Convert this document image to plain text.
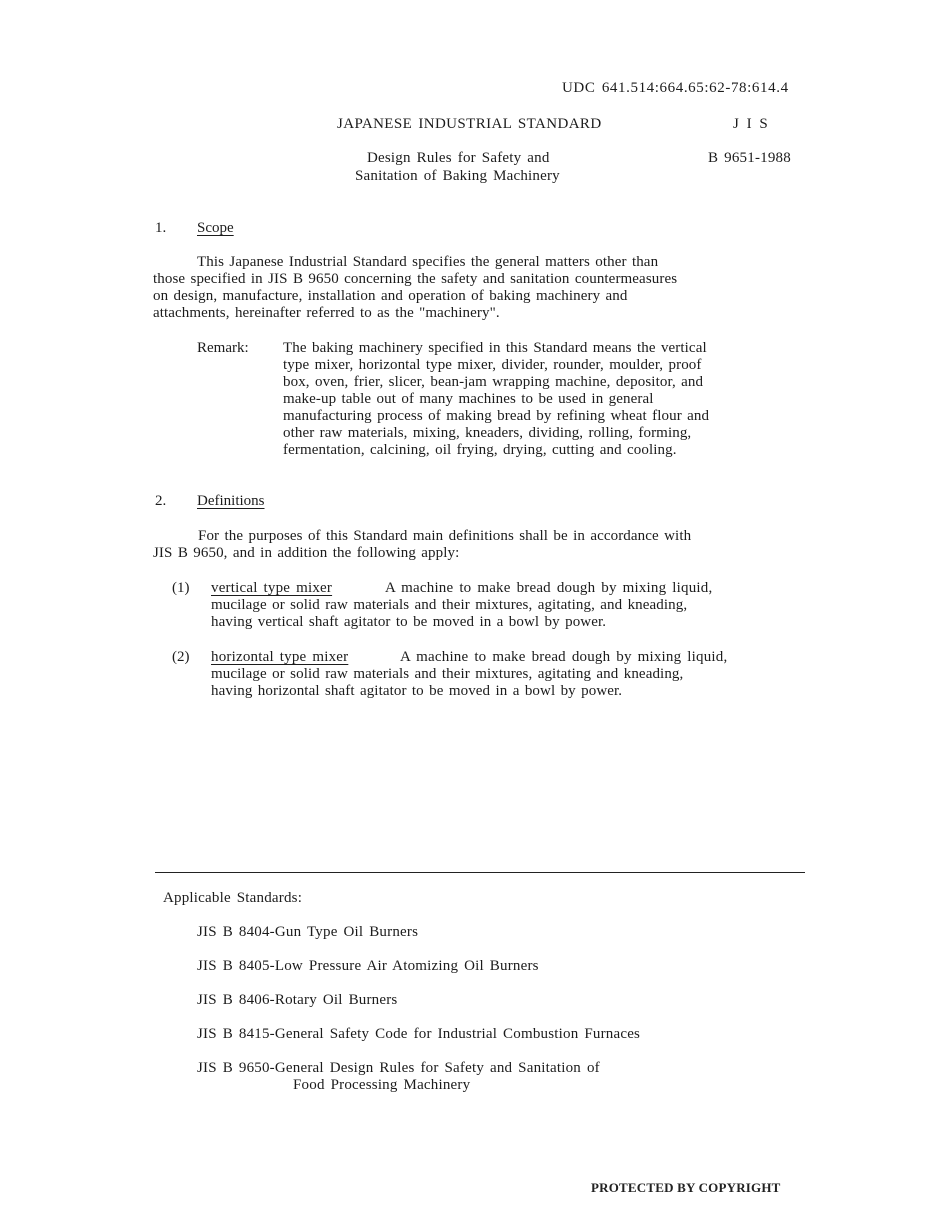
UDC 641.514:664.65:62-78:614.4
JAPANESE INDUSTRIAL STANDARD	J I S
Design Rules for Safety and
Sanitation of Baking Machinery
B 9651-1988
1. Scope
This Japanese Industrial Standard specifies the general matters other than
those specified in JIS B 9650 concerning the safety and sanitation countermeasures
on design, manufacture, installation and operation of baking machinery and
attachments, hereinafter referred to as the "machinery".
Remark: The baking machinery specified in this Standard means the vertical
type mixer, horizontal type mixer, divider, rounder, moulder, proof
box, oven, frier, slicer, bean-jam wrapping machine, depositor, and
make-up table out of many machines to be used in general
manufacturing process of making bread by refining wheat flour and
other raw materials, mixing, kneaders, dividing, rolling, forming,
fermentation, calcining, oil frying, drying, cutting and cooling.
2. Definitions
For the purposes of this Standard main definitions shall be in accordance with
JIS B 9650, and in addition the following apply:
(1) vertical type mixer	A machine to make bread dough by mixing liquid,
mucilage or solid raw materials and their mixtures, agitating, and kneading,
having vertical shaft agitator to be moved in a bowl by power.
(2) horizontal type mixer	A machine to make bread dough by mixing liquid,
mucilage or solid raw materials and their mixtures, agitating and kneading,
having horizontal shaft agitator to be moved in a bowl by power.
Applicable Standards:
JIS B 8404-Gun Type Oil Burners
JIS B 8405-Low Pressure Air Atomizing Oil Burners
JIS B 8406-Rotary Oil Burners
JIS B 8415-General Safety Code for Industrial Combustion Furnaces
JIS B 9650-General Design Rules for Safety and Sanitation of
Food Processing Machinery
PROTECTED BY COPYRIGHT
